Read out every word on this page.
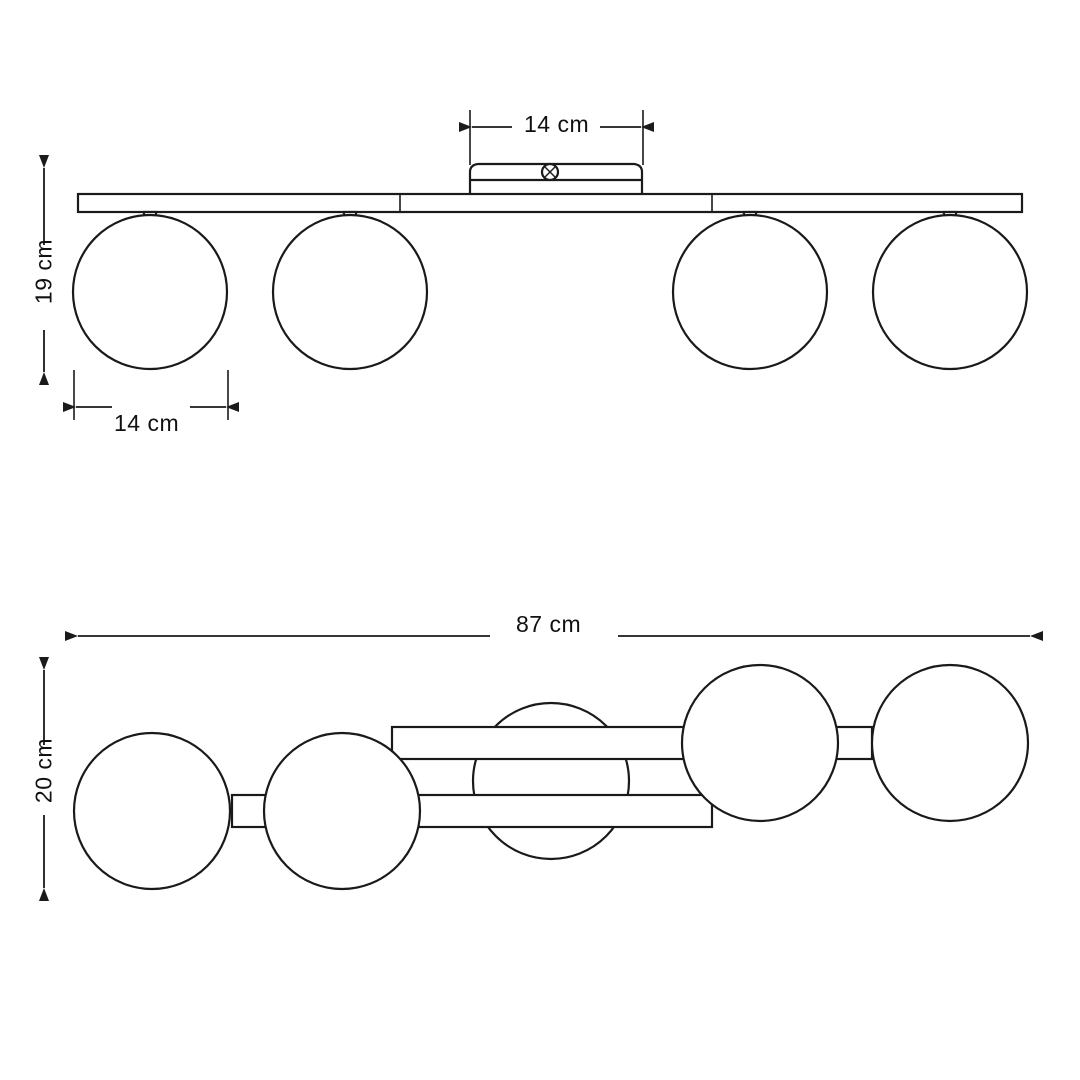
14 cm
19 cm
14 cm
87 cm
20 cm
